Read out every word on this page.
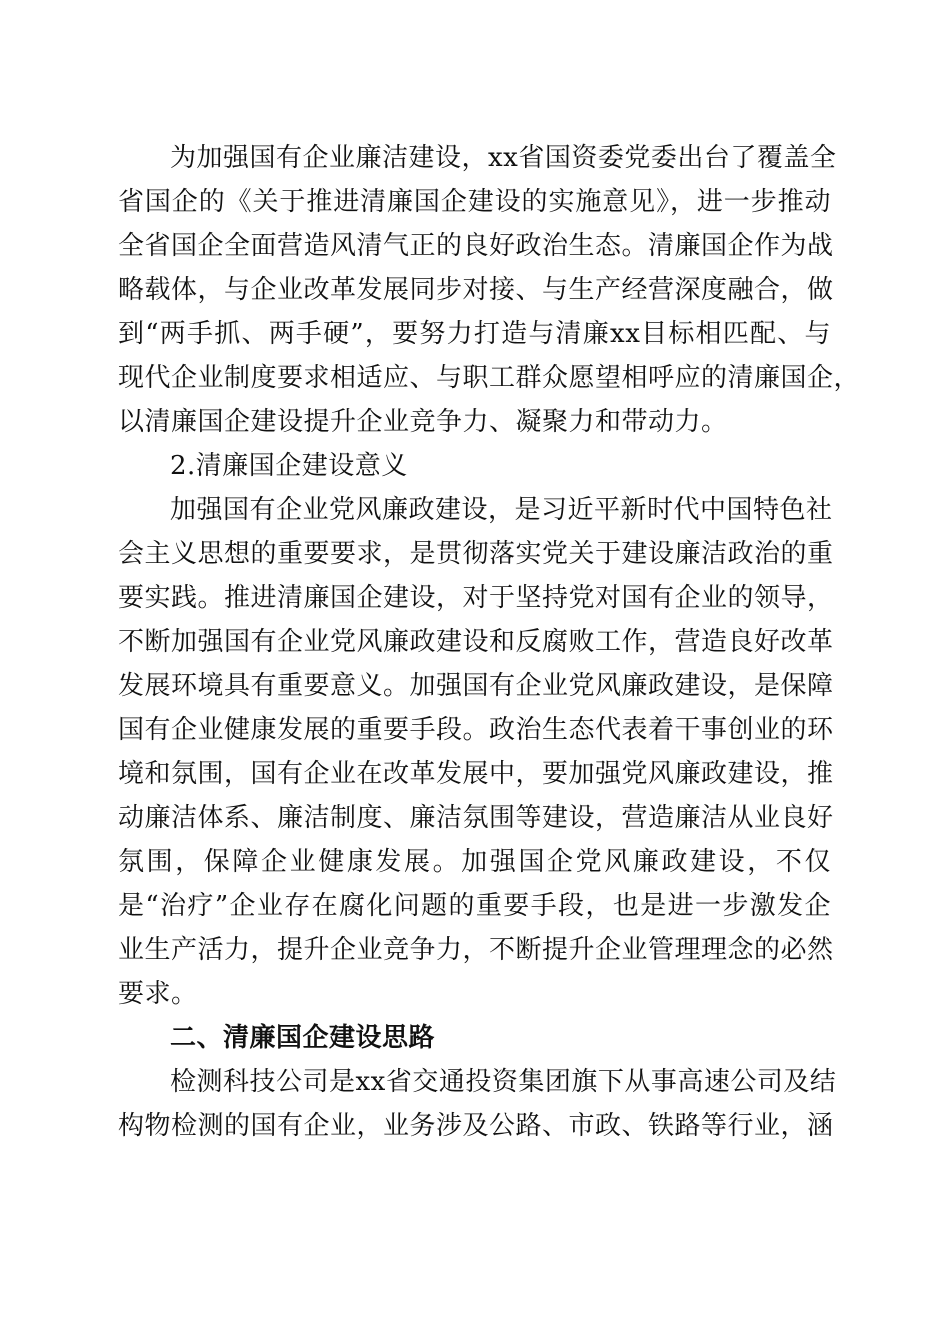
为加强国有企业廉洁建设，xx省国资委党委出台了覆盖全

省国企的《关于推进清廉国企建设的实施意见》，进一步推动

全省国企全面营造风清气正的良好政治生态。清廉国企作为战

略载体，与企业改革发展同步对接、与生产经营深度融合，做

到“两手抓、两手硬”，要努力打造与清廉xx目标相匹配、与

现代企业制度要求相适应、与职工群众愿望相呼应的清廉国企，

以清廉国企建设提升企业竞争力、凝聚力和带动力。

2.清廉国企建设意义

加强国有企业党风廉政建设，是习近平新时代中国特色社

会主义思想的重要要求，是贯彻落实党关于建设廉洁政治的重

要实践。推进清廉国企建设，对于坚持党对国有企业的领导，

不断加强国有企业党风廉政建设和反腐败工作，营造良好改革

发展环境具有重要意义。加强国有企业党风廉政建设，是保障

国有企业健康发展的重要手段。政治生态代表着干事创业的环

境和氛围，国有企业在改革发展中，要加强党风廉政建设，推

动廉洁体系、廉洁制度、廉洁氛围等建设，营造廉洁从业良好

氛围，保障企业健康发展。加强国企党风廉政建设，不仅

是“治疗”企业存在腐化问题的重要手段，也是进一步激发企

业生产活力，提升企业竞争力，不断提升企业管理理念的必然

要求。

二、清廉国企建设思路

检测科技公司是xx省交通投资集团旗下从事高速公司及结

构物检测的国有企业，业务涉及公路、市政、铁路等行业，涵
